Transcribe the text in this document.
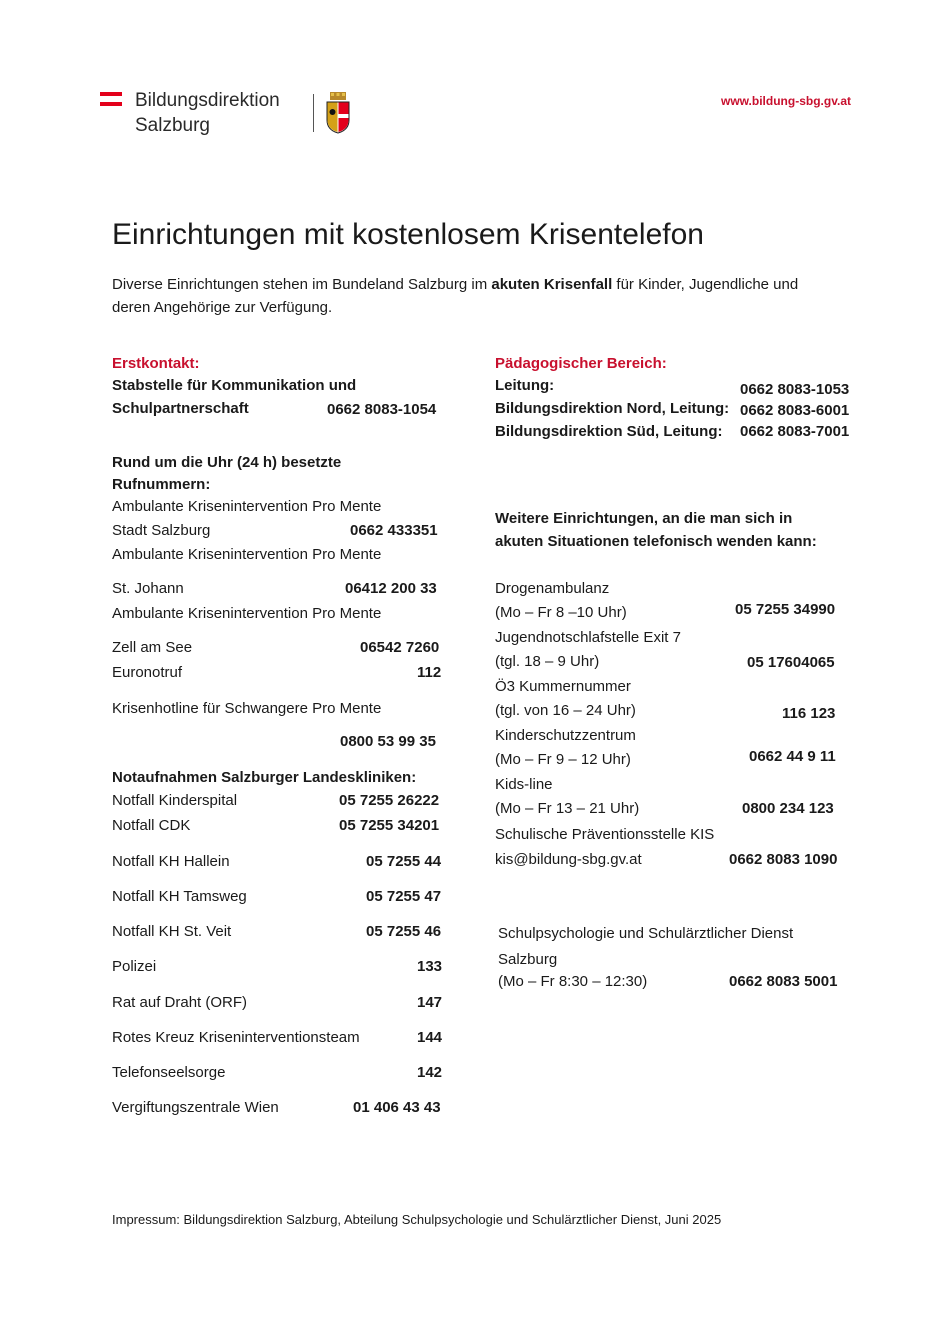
Bildungsdirektion
Salzburg
www.bildung-sbg.gv.at
Einrichtungen mit kostenlosem Krisentelefon
Diverse Einrichtungen stehen im Bundeland Salzburg im akuten Krisenfall für Kinder, Jugendliche und
deren Angehörige zur Verfügung.
Erstkontakt:
Stabstelle für Kommunikation und
Schulpartnerschaft	0662 8083-1054
Rund um die Uhr (24 h) besetzte
Rufnummern:
Ambulante Krisenintervention Pro Mente
Stadt Salzburg	0662 433351
Ambulante Krisenintervention Pro Mente
St. Johann	06412 200 33
Ambulante Krisenintervention Pro Mente
Zell am See	06542 7260
Euronotruf	112
Krisenhotline für Schwangere Pro Mente
0800 53 99 35
Notaufnahmen Salzburger Landeskliniken:
Notfall Kinderspital	05 7255 26222
Notfall CDK	05 7255 34201
Notfall KH Hallein	05 7255 44
Notfall KH Tamsweg	05 7255 47
Notfall KH St. Veit	05 7255 46
Polizei	133
Rat auf Draht (ORF)	147
Rotes Kreuz Kriseninterventionsteam	144
Telefonseelsorge	142
Vergiftungszentrale Wien	01 406 43 43
Pädagogischer Bereich:
Leitung:	0662 8083-1053
Bildungsdirektion Nord, Leitung: 0662 8083-6001
Bildungsdirektion Süd, Leitung: 0662 8083-7001
Weitere Einrichtungen, an die man sich in
akuten Situationen telefonisch wenden kann:
Drogenambulanz
(Mo – Fr 8 –10 Uhr)	05 7255 34990
Jugendnotschlafstelle Exit 7
(tgl. 18 – 9 Uhr)	05 17604065
Ö3 Kummernummer
(tgl. von 16 – 24 Uhr)	116 123
Kinderschutzzentrum
(Mo – Fr 9 – 12 Uhr)	0662 44 9 11
Kids-line
(Mo – Fr 13 – 21 Uhr)	0800 234 123
Schulische Präventionsstelle KIS
kis@bildung-sbg.gv.at	0662 8083 1090
Schulpsychologie und Schulärztlicher Dienst
Salzburg
(Mo – Fr 8:30 – 12:30)	0662 8083 5001
Impressum: Bildungsdirektion Salzburg, Abteilung Schulpsychologie und Schulärztlicher Dienst, Juni 2025
